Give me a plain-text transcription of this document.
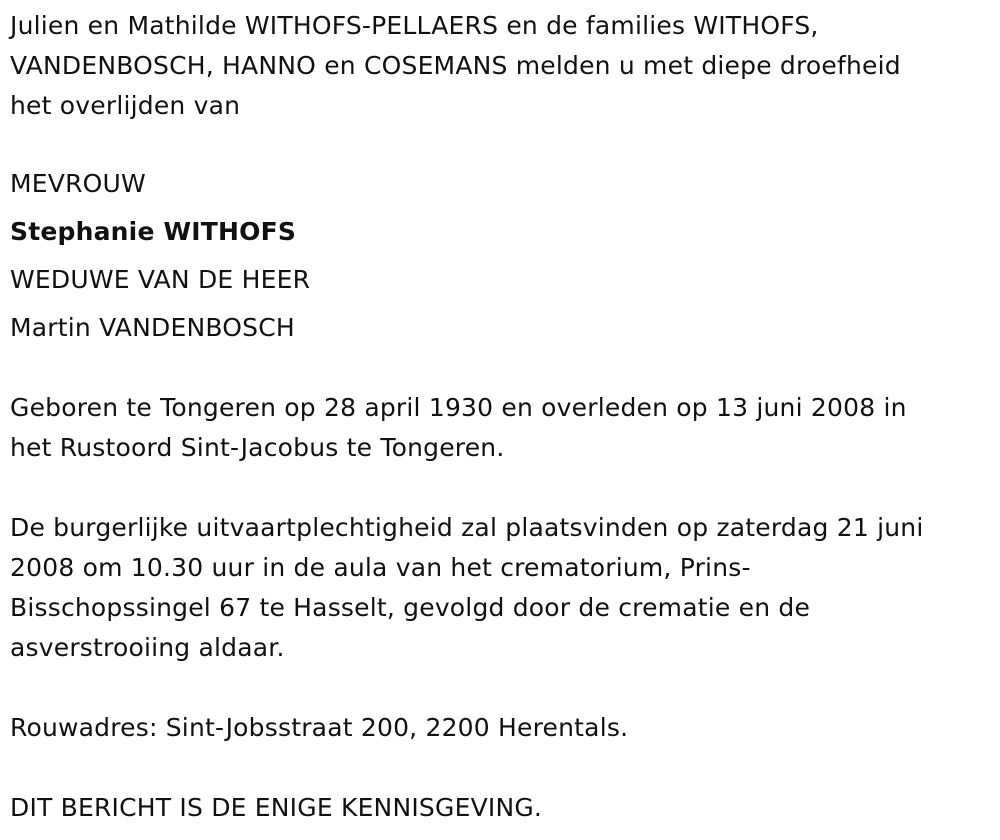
Julien en Mathilde WITHOFS-PELLAERS en de families WITHOFS,
VANDENBOSCH, HANNO en COSEMANS melden u met diepe droefheid
het overlijden van

MEVROUW

Stephanie WITHOFS

WEDUWE VAN DE HEER

Martin VANDENBOSCH

Geboren te Tongeren op 28 april 1930 en overleden op 13 juni 2008 in
het Rustoord Sint-Jacobus te Tongeren.

De burgerlijke uitvaartplechtigheid zal plaatsvinden op zaterdag 21 juni
2008 om 10.30 uur in de aula van het crematorium, Prins-
Bisschopssingel 67 te Hasselt, gevolgd door de crematie en de
asverstrooiing aldaar.

Rouwadres: Sint-Jobsstraat 200, 2200 Herentals.

DIT BERICHT IS DE ENIGE KENNISGEVING.
